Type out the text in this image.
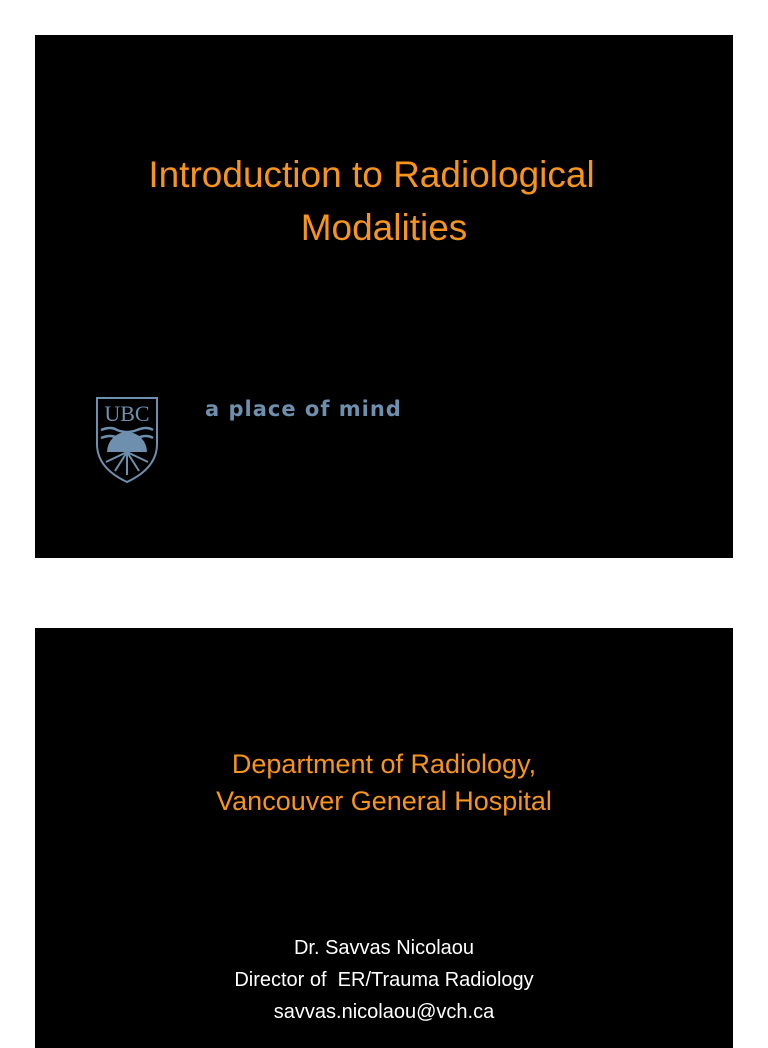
Introduction to Radiological
Modalities
UBC	a place of mind
Department of Radiology,
Vancouver General Hospital
Dr. Savvas Nicolaou
Director of  ER/Trauma Radiology
savvas.nicolaou@vch.ca
